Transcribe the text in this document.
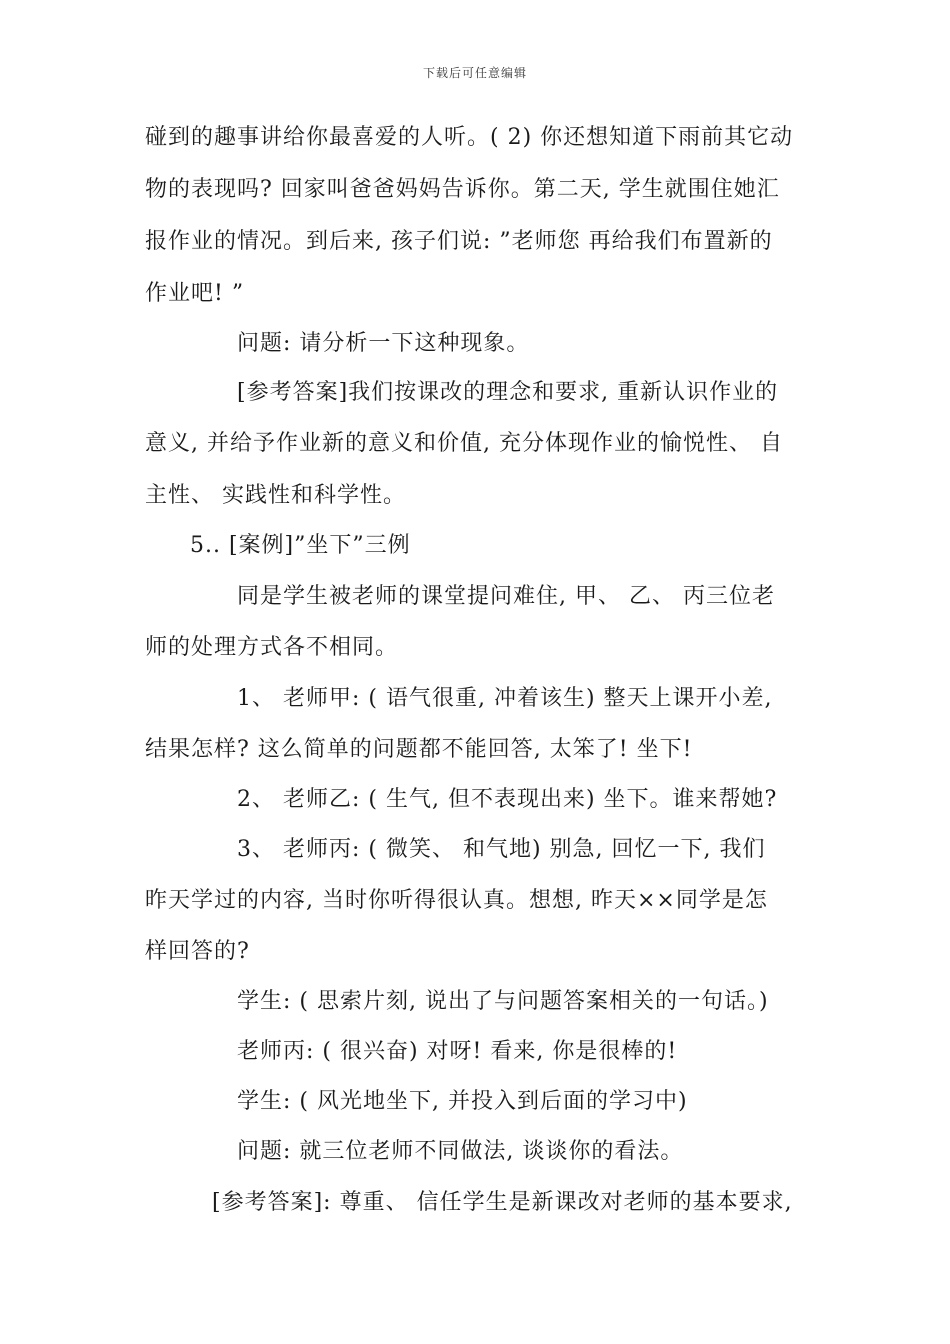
下载后可任意编辑
碰到的趣事讲给你最喜爱的人听。( 2) 你还想知道下雨前其它动
物的表现吗? 回家叫爸爸妈妈告诉你。第二天, 学生就围住她汇
报作业的情况。到后来, 孩子们说: ”老师您 再给我们布置新的
作业吧! ”
问题: 请分析一下这种现象。
[参考答案]我们按课改的理念和要求, 重新认识作业的
意义, 并给予作业新的意义和价值, 充分体现作业的愉悦性、 自
主性、 实践性和科学性。
5.. [案例]”坐下”三例
同是学生被老师的课堂提问难住, 甲、 乙、 丙三位老
师的处理方式各不相同。
1、 老师甲: ( 语气很重, 冲着该生) 整天上课开小差,
结果怎样? 这么简单的问题都不能回答, 太笨了! 坐下!
2、 老师乙: ( 生气, 但不表现出来) 坐下。谁来帮她?
3、 老师丙: ( 微笑、 和气地) 别急, 回忆一下, 我们
昨天学过的内容, 当时你听得很认真。想想, 昨天××同学是怎
样回答的?
学生: ( 思索片刻, 说出了与问题答案相关的一句话。)
老师丙: ( 很兴奋) 对呀! 看来, 你是很棒的!
学生: ( 风光地坐下, 并投入到后面的学习中)
问题: 就三位老师不同做法, 谈谈你的看法。
[参考答案]: 尊重、 信任学生是新课改对老师的基本要求,
